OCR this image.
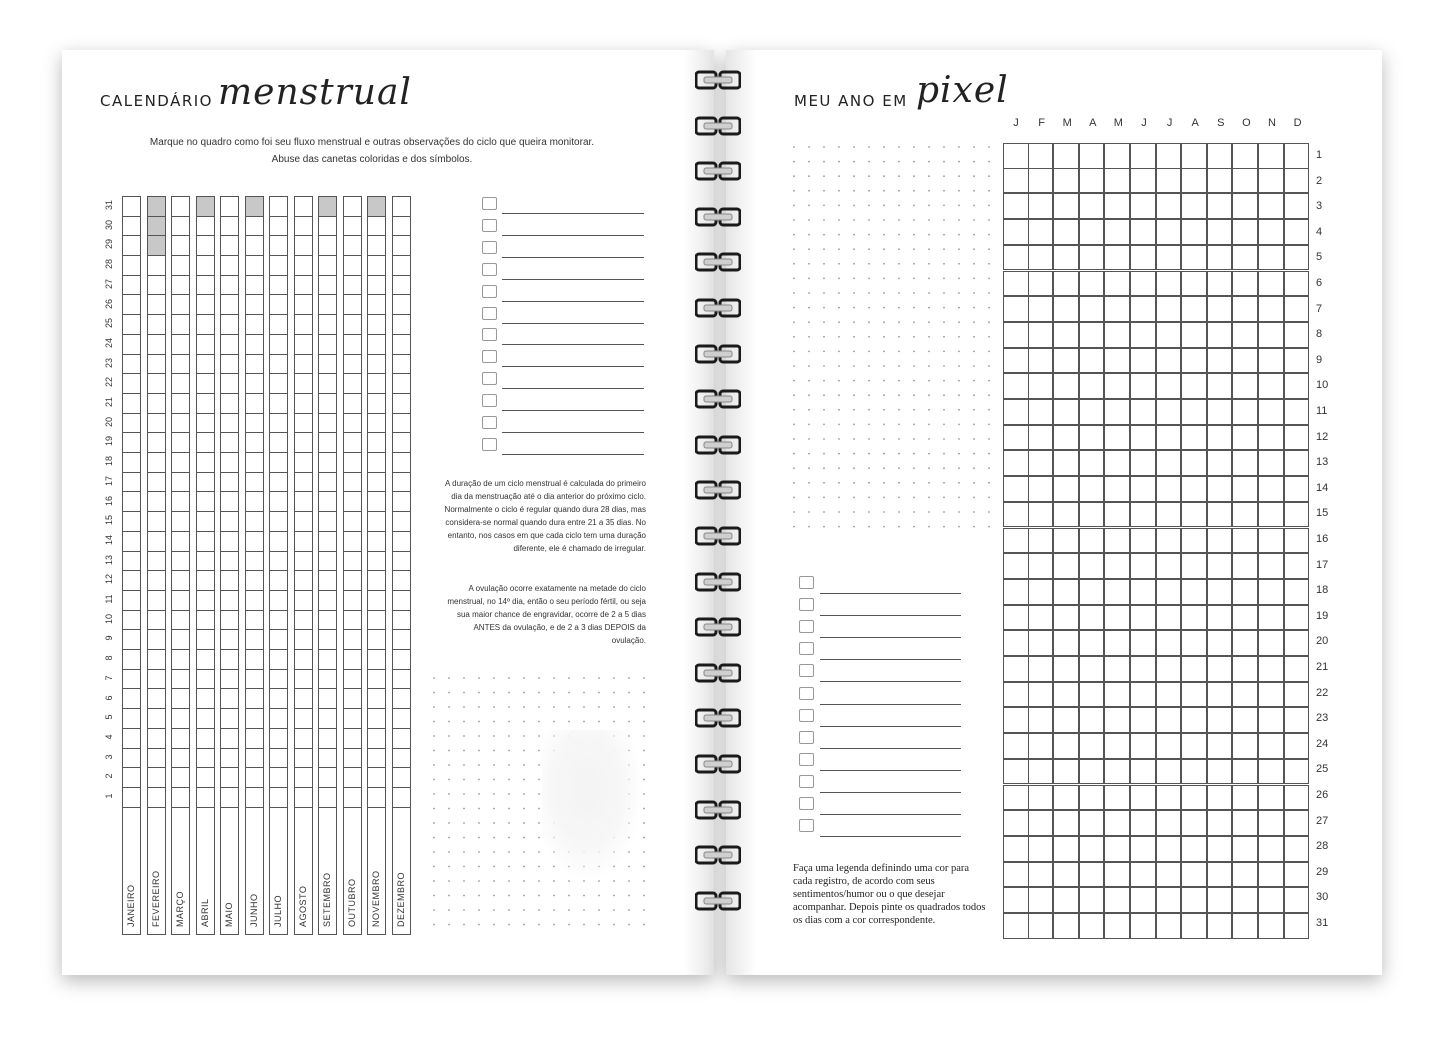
CALENDÁRIO menstrual
Marque no quadro como foi seu fluxo menstrual e outras observações do ciclo que queira monitorar.
Abuse das canetas coloridas e dos símbolos.
1
2
3
4
5
6
7
8
9
10
11
12
13
14
15
16
17
18
19
20
21
22
23
24
25
26
27
28
29
30
31
JANEIRO FEVEREIRO MARÇO ABRIL MAIO JUNHO JULHO AGOSTO SETEMBRO OUTUBRO NOVEMBRO DEZEMBRO
A duração de um ciclo menstrual é calculada do primeiro dia da menstruação até o dia anterior do próximo ciclo. Normalmente o ciclo é regular quando dura 28 dias, mas considera-se normal quando dura entre 21 a 35 dias. No entanto, nos casos em que cada ciclo tem uma duração diferente, ele é chamado de irregular.
A ovulação ocorre exatamente na metade do ciclo menstrual, no 14º dia, então o seu período fértil, ou seja sua maior chance de engravidar, ocorre de 2 a 5 dias ANTES da ovulação, e de 2 a 3 dias DEPOIS da ovulação.
MEU ANO EM pixel
J	F	M	A	M	J	J	A	S	O N D
1
2
3
4
5
6
7
8
9
10
11
12
13
14
15
16
17
18
19
20
21
22
23
24
25
26
27
28
29
30
31
Faça uma legenda definindo uma cor para cada registro, de acordo com seus sentimentos/humor ou o que desejar acompanhar. Depois pinte os quadrados todos os dias com a cor correspondente.
